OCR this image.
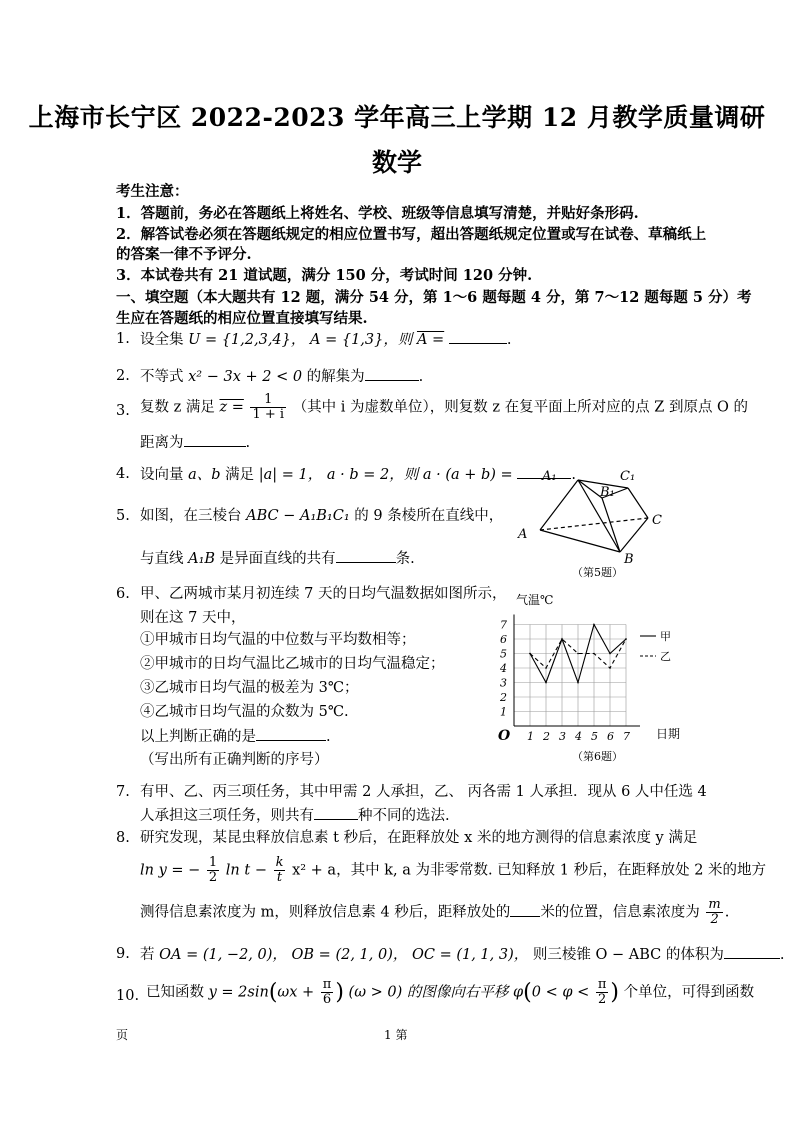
上海市长宁区 2022-2023 学年高三上学期 12 月教学质量调研
数学
考生注意：
1．答题前，务必在答题纸上将姓名、学校、班级等信息填写清楚，并贴好条形码.
2．解答试卷必须在答题纸规定的相应位置书写，超出答题纸规定位置或写在试卷、草稿纸上
的答案一律不予评分.
3．本试卷共有 21 道试题，满分 150 分，考试时间 120 分钟.
一、填空题（本大题共有 12 题，满分 54 分，第 1～6 题每题 4 分，第 7～12 题每题 5 分）考
生应在答题纸的相应位置直接填写结果.
1. 设全集 U = {1,2,3,4}， A = {1,3}，则 A =	.
2. 不等式 x² − 3x + 2 < 0 的解集为	.
3. 复数 z 满足 $z = \frac{1}{1 + i}$ （其中 i 为虚数单位），则复数 z 在复平面上所对应的点 Z 到原点 O 的
距离为	.
4. 设向量 a、b 满足 |a| = 1， a · b = 2，则 a · (a + b) =	.
5. 如图，在三棱台 ABC − A₁B₁C₁ 的 9 条棱所在直线中，
与直线 A₁B 是异面直线的共有	条.
A₁	C₁
B₁
C
A
B
（第5题）
6. 甲、乙两城市某月初连续 7 天的日均气温数据如图所示，
则在这 7 天中，
①甲城市日均气温的中位数与平均数相等；
②甲城市的日均气温比乙城市的日均气温稳定；
③乙城市日均气温的极差为 3℃；
④乙城市日均气温的众数为 5℃.
以上判断正确的是	.
（写出所有正确判断的序号）
气温℃
日期
O
（第6题）
1
2
3
4
5
6
7
1 2 3 4 5 6 7
甲
乙
7. 有甲、乙、丙三项任务，其中甲需 2 人承担，乙、 丙各需 1 人承担．现从 6 人中任选 4
人承担这三项任务，则共有	种不同的选法.
8. 研究发现，某昆虫释放信息素 t 秒后，在距释放处 x 米的地方测得的信息素浓度 y 满足
ln y = − $\frac{1}{2}$ $\ln t - \frac{k}{t} x^2 + a$，其中 k, a 为非零常数. 已知释放 1 秒后，在距释放处 2 米的地方
测得信息素浓度为 m，则释放信息素 4 秒后，距释放处的 米的位置，信息素浓度为 $\frac{m}{2}$ .
9. 若 OA = (1, −2, 0)， OB = (2, 1, 0)， OC = (1, 1, 3)， 则三棱锥 O − ABC 的体积为	.
10. 已知函数 $y = 2\sin(\omega x + \frac{\pi}{6}$ ) (ω > 0) 的图像向右平移 $\varphi(0 < \varphi < \frac{\pi}{2}$ ) 个单位，可得到函数
页	1 第
